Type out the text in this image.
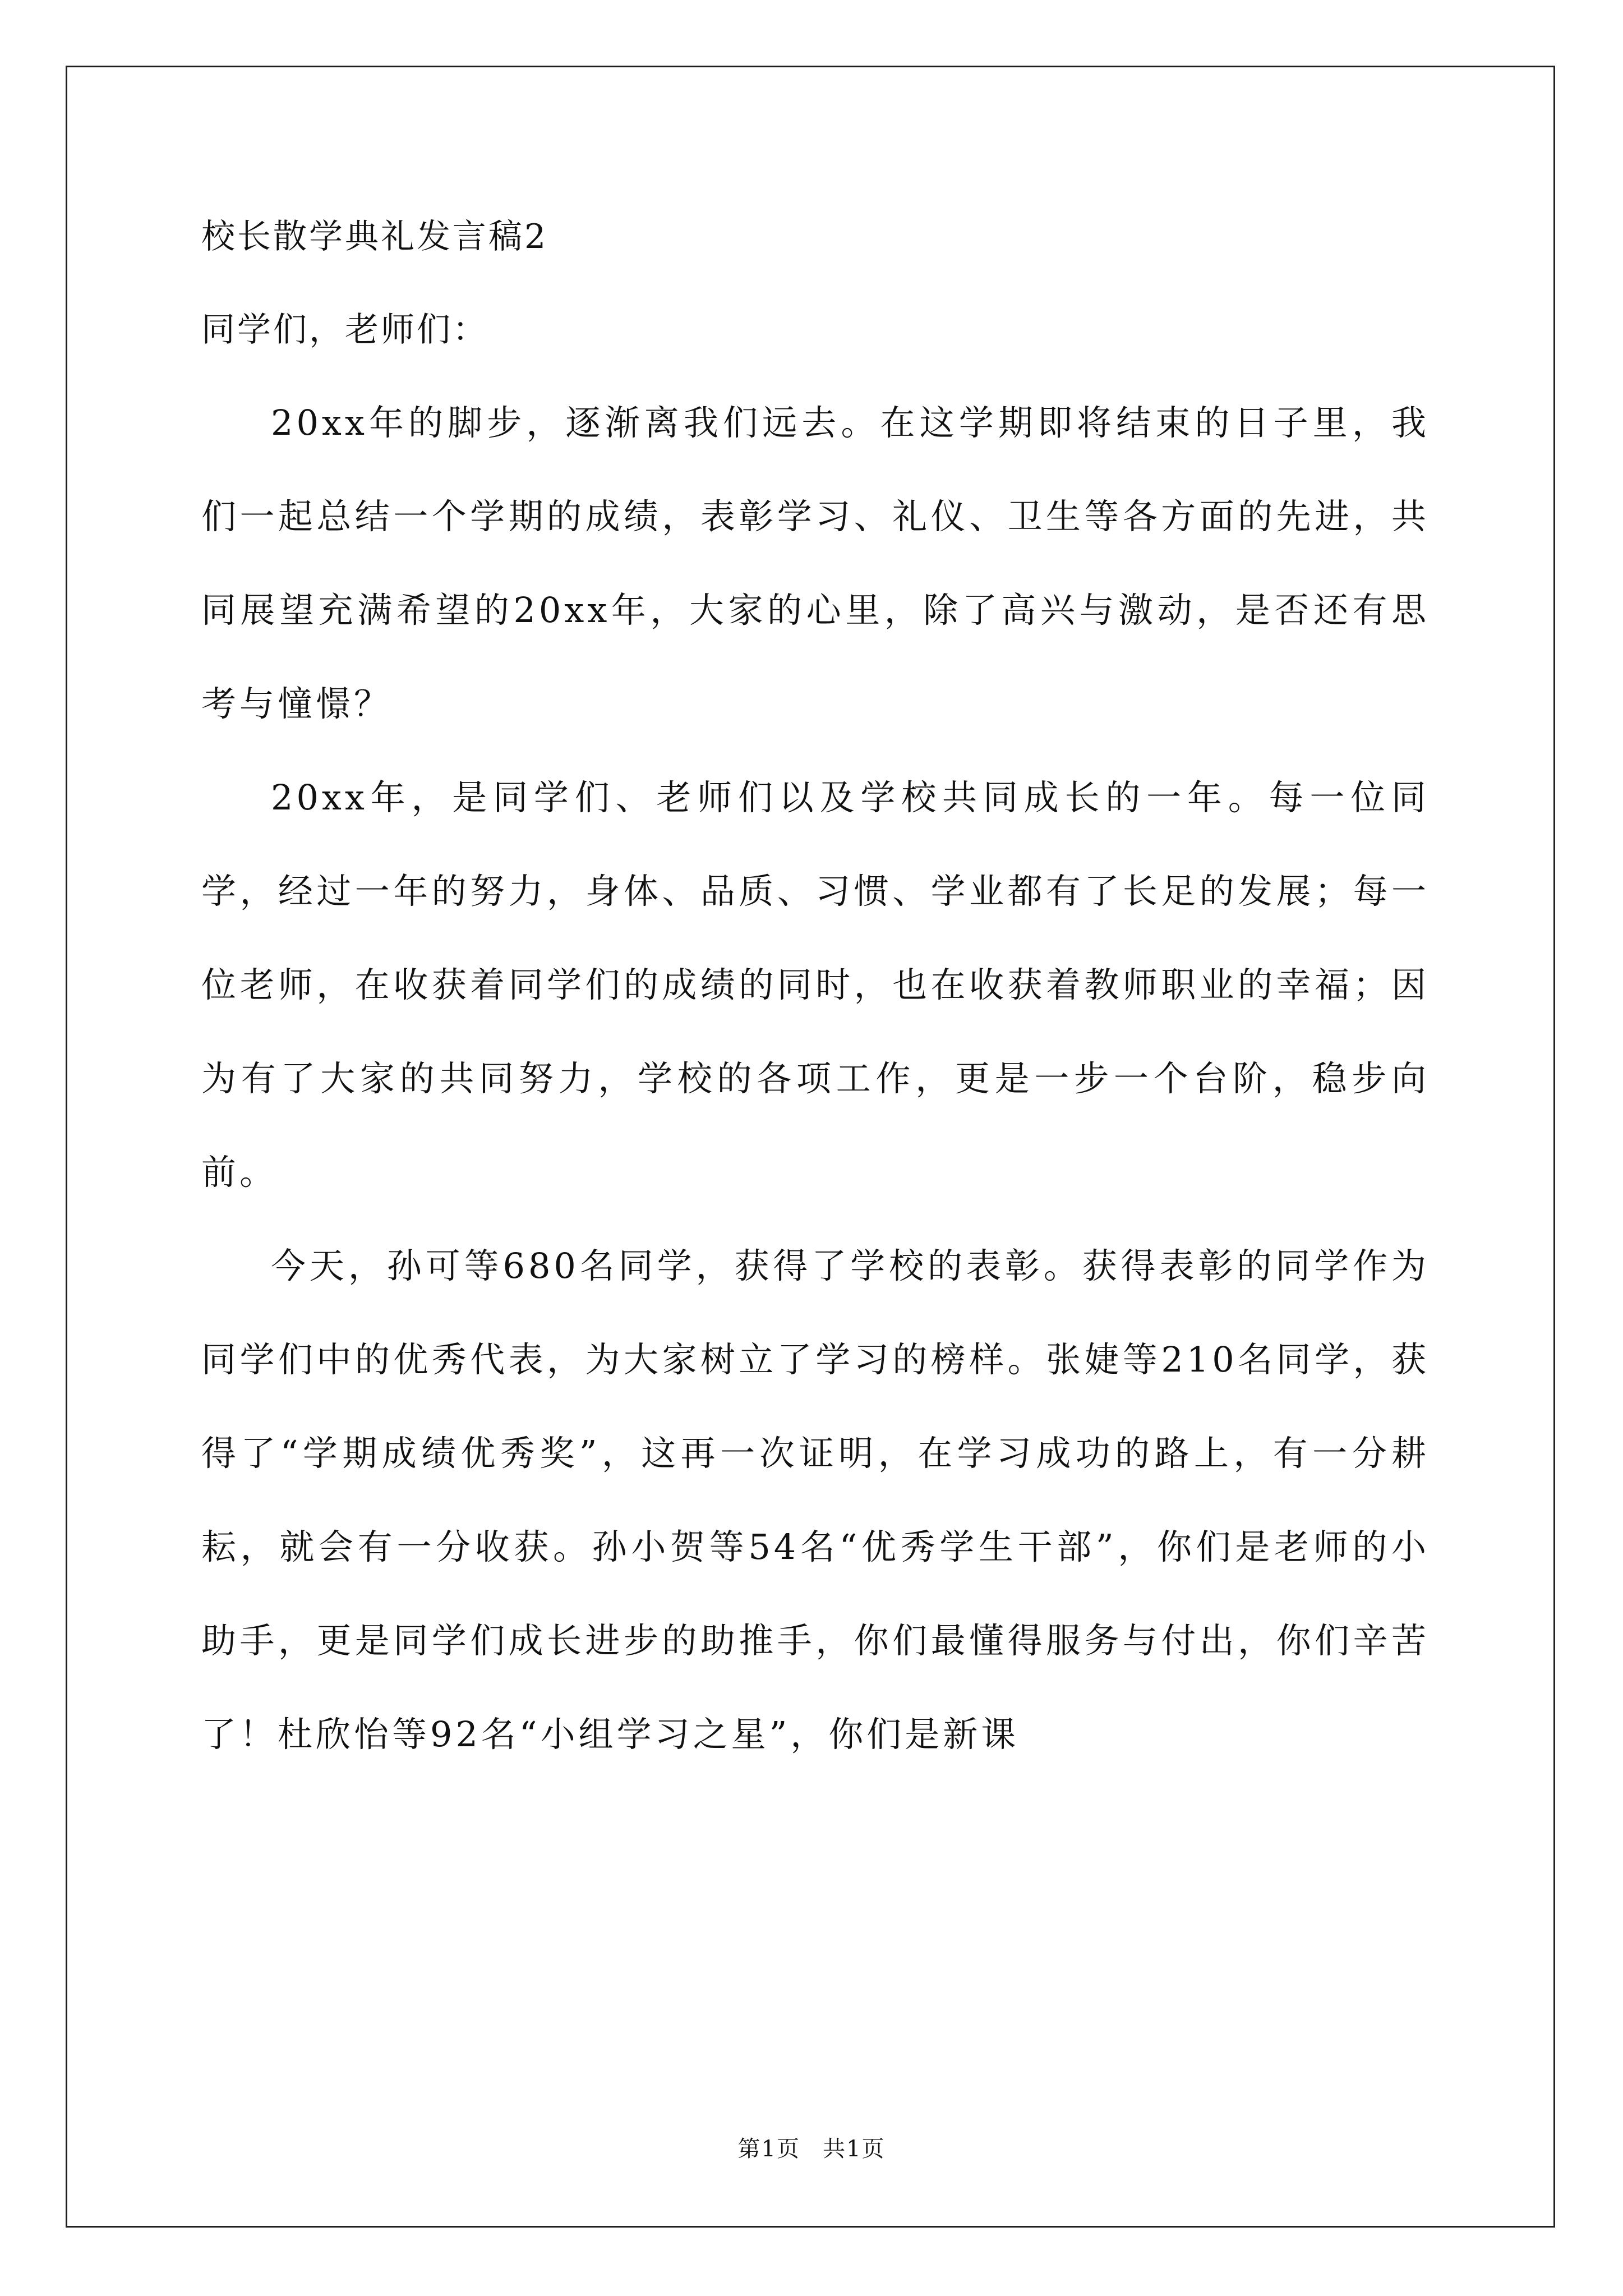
校长散学典礼发言稿2
同学们，老师们：

20xx年的脚步，逐渐离我们远去。在这学期即将结束的日子里，我们一起总结一个学期的成绩，表彰学习、礼仪、卫生等各方面的先进，共同展望充满希望的20xx年，大家的心里，除了高兴与激动，是否还有思考与憧憬？

20xx年，是同学们、老师们以及学校共同成长的一年。每一位同学，经过一年的努力，身体、品质、习惯、学业都有了长足的发展；每一位老师，在收获着同学们的成绩的同时，也在收获着教师职业的幸福；因为有了大家的共同努力，学校的各项工作，更是一步一个台阶，稳步向前。

今天，孙可等680名同学，获得了学校的表彰。获得表彰的同学作为同学们中的优秀代表，为大家树立了学习的榜样。张婕等210名同学，获得了“学期成绩优秀奖”，这再一次证明，在学习成功的路上，有一分耕耘，就会有一分收获。孙小贺等54名“优秀学生干部”，你们是老师的小助手，更是同学们成长进步的助推手，你们最懂得服务与付出，你们辛苦了！杜欣怡等92名“小组学习之星”，你们是新课

第1页 共1页
